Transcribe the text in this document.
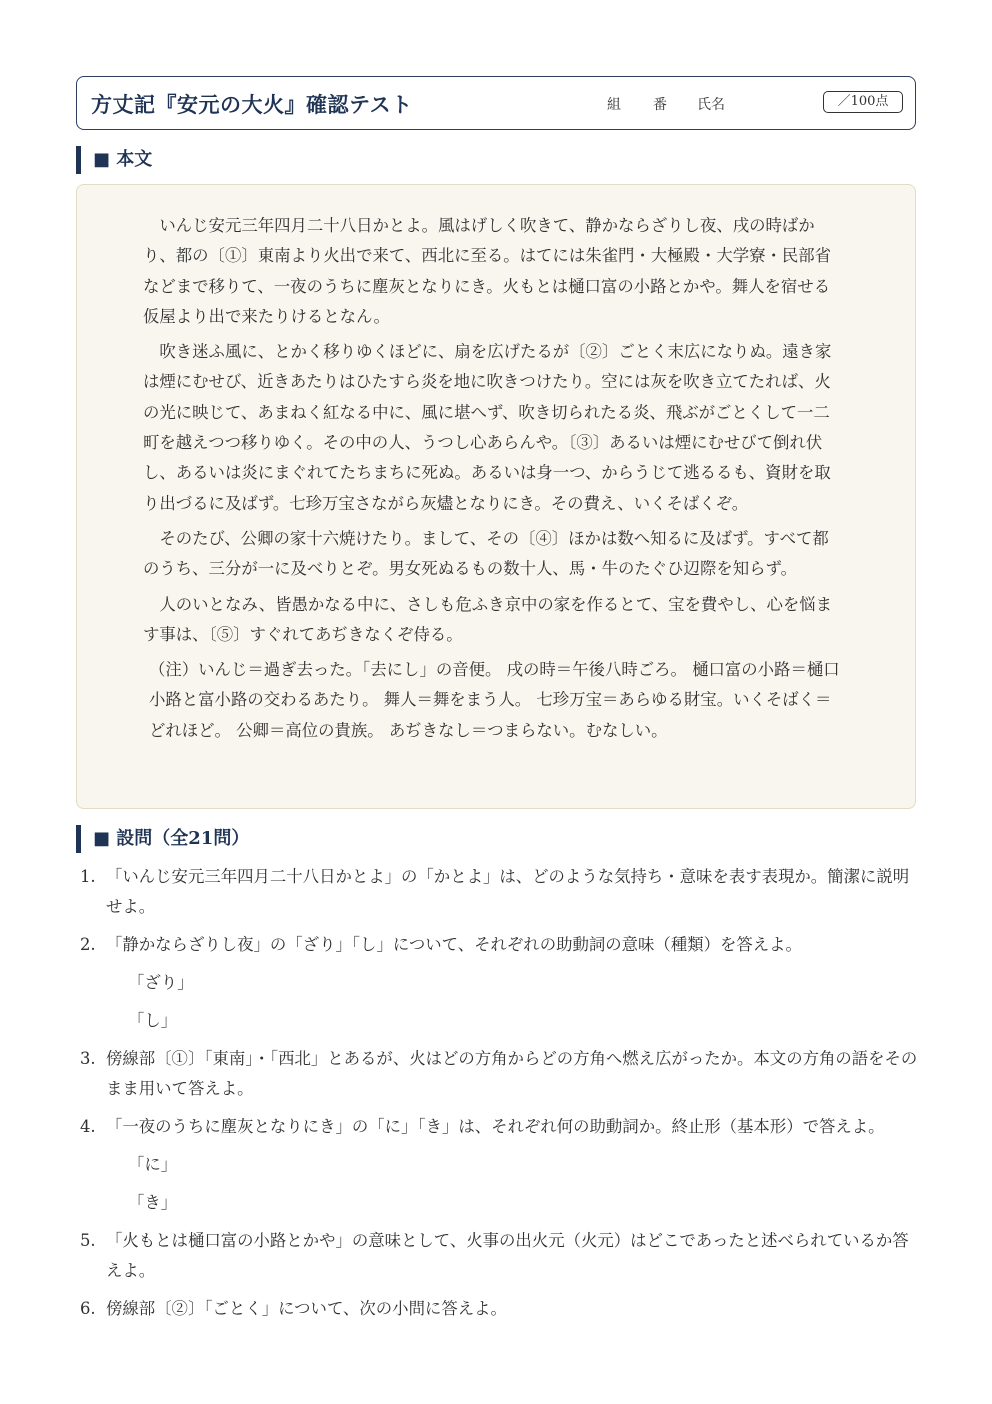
方丈記『安元の大火』確認テスト	組 番 氏名	／100点
■ 本文

いんじ安元三年四月二十八日かとよ。風はげしく吹きて、静かならざりし夜、戌の時ばかり、都の〔①〕東南より火出で来て、西北に至る。はてには朱雀門・大極殿・大学寮・民部省などまで移りて、一夜のうちに塵灰となりにき。火もとは樋口富の小路とかや。舞人を宿せる仮屋より出で来たりけるとなん。

吹き迷ふ風に、とかく移りゆくほどに、扇を広げたるが〔②〕ごとく末広になりぬ。遠き家は煙にむせび、近きあたりはひたすら炎を地に吹きつけたり。空には灰を吹き立てたれば、火の光に映じて、あまねく紅なる中に、風に堪へず、吹き切られたる炎、飛ぶがごとくして一二町を越えつつ移りゆく。その中の人、うつし心あらんや。〔③〕あるいは煙にむせびて倒れ伏し、あるいは炎にまぐれてたちまちに死ぬ。あるいは身一つ、からうじて逃るるも、資財を取り出づるに及ばず。七珍万宝さながら灰燼となりにき。その費え、いくそばくぞ。

そのたび、公卿の家十六焼けたり。まして、その〔④〕ほかは数へ知るに及ばず。すべて都のうち、三分が一に及べりとぞ。男女死ぬるもの数十人、馬・牛のたぐひ辺際を知らず。

人のいとなみ、皆愚かなる中に、さしも危ふき京中の家を作るとて、宝を費やし、心を悩ます事は、〔⑤〕すぐれてあぢきなくぞ侍る。

（注）いんじ＝過ぎ去った。「去にし」の音便。 戌の時＝午後八時ごろ。 樋口富の小路＝樋口小路と富小路の交わるあたり。 舞人＝舞をまう人。 七珍万宝＝あらゆる財宝。いくそばく＝どれほど。 公卿＝高位の貴族。 あぢきなし＝つまらない。むなしい。

■ 設問（全21問）
1. 「いんじ安元三年四月二十八日かとよ」の「かとよ」は、どのような気持ち・意味を表す表現か。簡潔に説明せよ。
2. 「静かならざりし夜」の「ざり」「し」について、それぞれの助動詞の意味（種類）を答えよ。
「ざり」
「し」
3. 傍線部〔①〕「東南」・「西北」とあるが、火はどの方角からどの方角へ燃え広がったか。本文の方角の語をそのまま用いて答えよ。
4. 「一夜のうちに塵灰となりにき」の「に」「き」は、それぞれ何の助動詞か。終止形（基本形）で答えよ。
「に」
「き」
5. 「火もとは樋口富の小路とかや」の意味として、火事の出火元（火元）はどこであったと述べられているか答えよ。
6. 傍線部〔②〕「ごとく」について、次の小問に答えよ。
